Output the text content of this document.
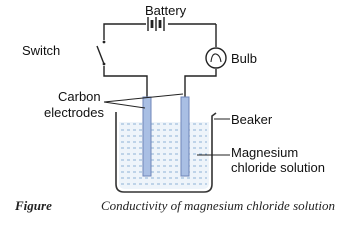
Battery
Switch
Bulb
Carbon
electrodes	Beaker
Magnesium
chloride solution
Figure	Conductivity of magnesium chloride solution
